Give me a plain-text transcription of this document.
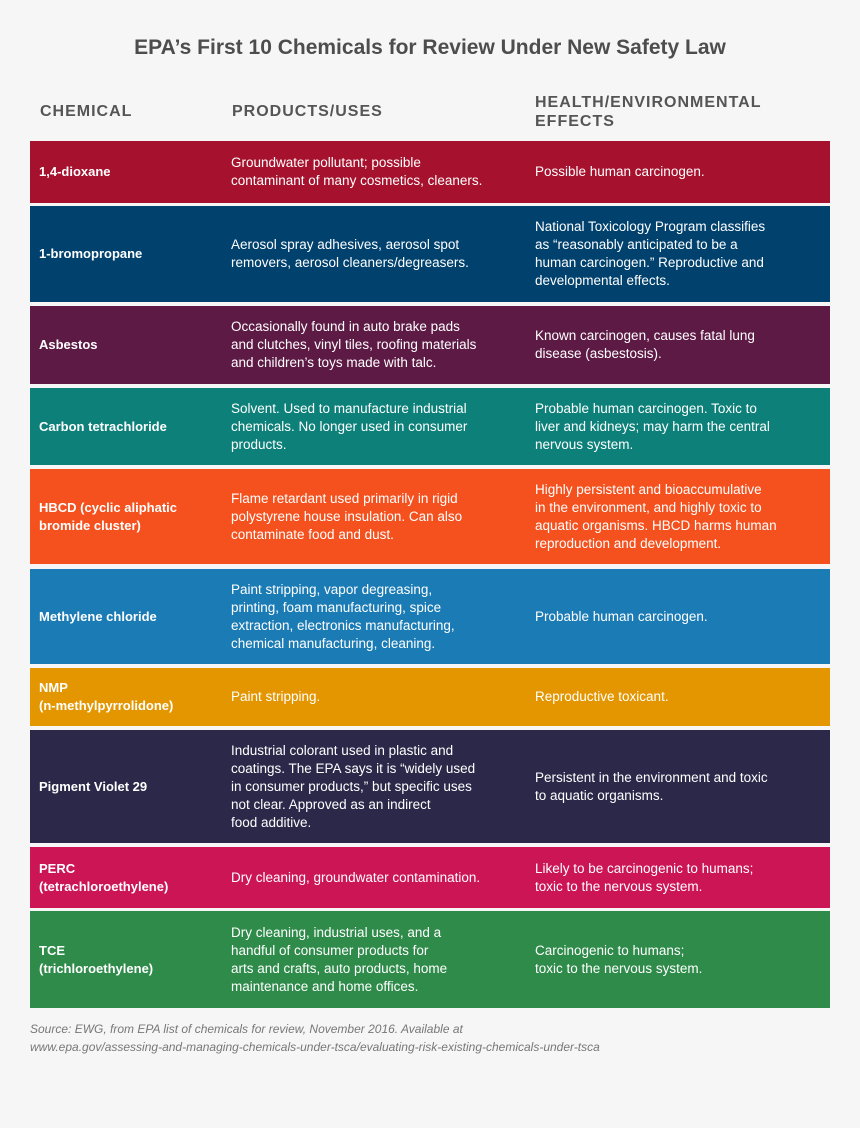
EPA’s First 10 Chemicals for Review Under New Safety Law
CHEMICAL	PRODUCTS/USES
HEALTH/ENVIRONMENTAL
EFFECTS
1,4-dioxane
Groundwater pollutant; possible
contaminant of many cosmetics, cleaners.
Possible human carcinogen.
1-bromopropane
Aerosol spray adhesives, aerosol spot
removers, aerosol cleaners/degreasers.
National Toxicology Program classifies
as “reasonably anticipated to be a
human carcinogen.” Reproductive and
developmental effects.
Asbestos
Occasionally found in auto brake pads
and clutches, vinyl tiles, roofing materials
and children’s toys made with talc.
Known carcinogen, causes fatal lung
disease (asbestosis).
Carbon tetrachloride
Solvent. Used to manufacture industrial
chemicals. No longer used in consumer
products.
Probable human carcinogen. Toxic to
liver and kidneys; may harm the central
nervous system.
HBCD (cyclic aliphatic
bromide cluster)
Flame retardant used primarily in rigid
polystyrene house insulation. Can also
contaminate food and dust.
Highly persistent and bioaccumulative
in the environment, and highly toxic to
aquatic organisms. HBCD harms human
reproduction and development.
Methylene chloride
Paint stripping, vapor degreasing,
printing, foam manufacturing, spice
extraction, electronics manufacturing,
chemical manufacturing, cleaning.
Probable human carcinogen.
NMP
(n-methylpyrrolidone)
Paint stripping.	Reproductive toxicant.
Pigment Violet 29
Industrial colorant used in plastic and
coatings. The EPA says it is “widely used
in consumer products,” but specific uses
not clear. Approved as an indirect
food additive.
Persistent in the environment and toxic
to aquatic organisms.
PERC
(tetrachloroethylene)
Dry cleaning, groundwater contamination.
Likely to be carcinogenic to humans;
toxic to the nervous system.
TCE
(trichloroethylene)
Dry cleaning, industrial uses, and a
handful of consumer products for
arts and crafts, auto products, home
maintenance and home offices.
Carcinogenic to humans;
toxic to the nervous system.
Source: EWG, from EPA list of chemicals for review, November 2016. Available at
www.epa.gov/assessing-and-managing-chemicals-under-tsca/evaluating-risk-existing-chemicals-under-tsca
